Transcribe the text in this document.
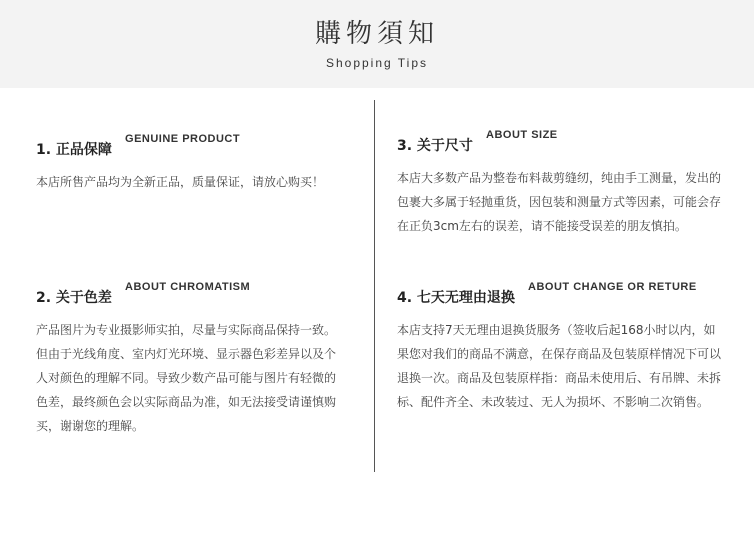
購物須知
Shopping Tips
1. 正品保障 GENUINE PRODUCT
本店所售产品均为全新正品，质量保证，请放心购买！
2. 关于色差 ABOUT CHROMATISM
产品图片为专业摄影师实拍，尽量与实际商品保持一致。但由于光线角度、室内灯光环境、显示器色彩差异以及个人对颜色的理解不同。导致少数产品可能与图片有轻微的色差，最终颜色会以实际商品为准，如无法接受请谨慎购买，谢谢您的理解。
3. 关于尺寸 ABOUT SIZE
本店大多数产品为整卷布料裁剪缝纫，纯由手工测量，发出的包裹大多属于轻抛重货，因包装和测量方式等因素，可能会存在正负3cm左右的误差，请不能接受误差的朋友慎拍。
4. 七天无理由退换 ABOUT CHANGE OR RETURE
本店支持7天无理由退换货服务（签收后起168小时以内，如果您对我们的商品不满意，在保存商品及包装原样情况下可以退换一次。商品及包装原样指：商品未使用后、有吊牌、未拆标、配件齐全、未改装过、无人为损坏、不影响二次销售。
